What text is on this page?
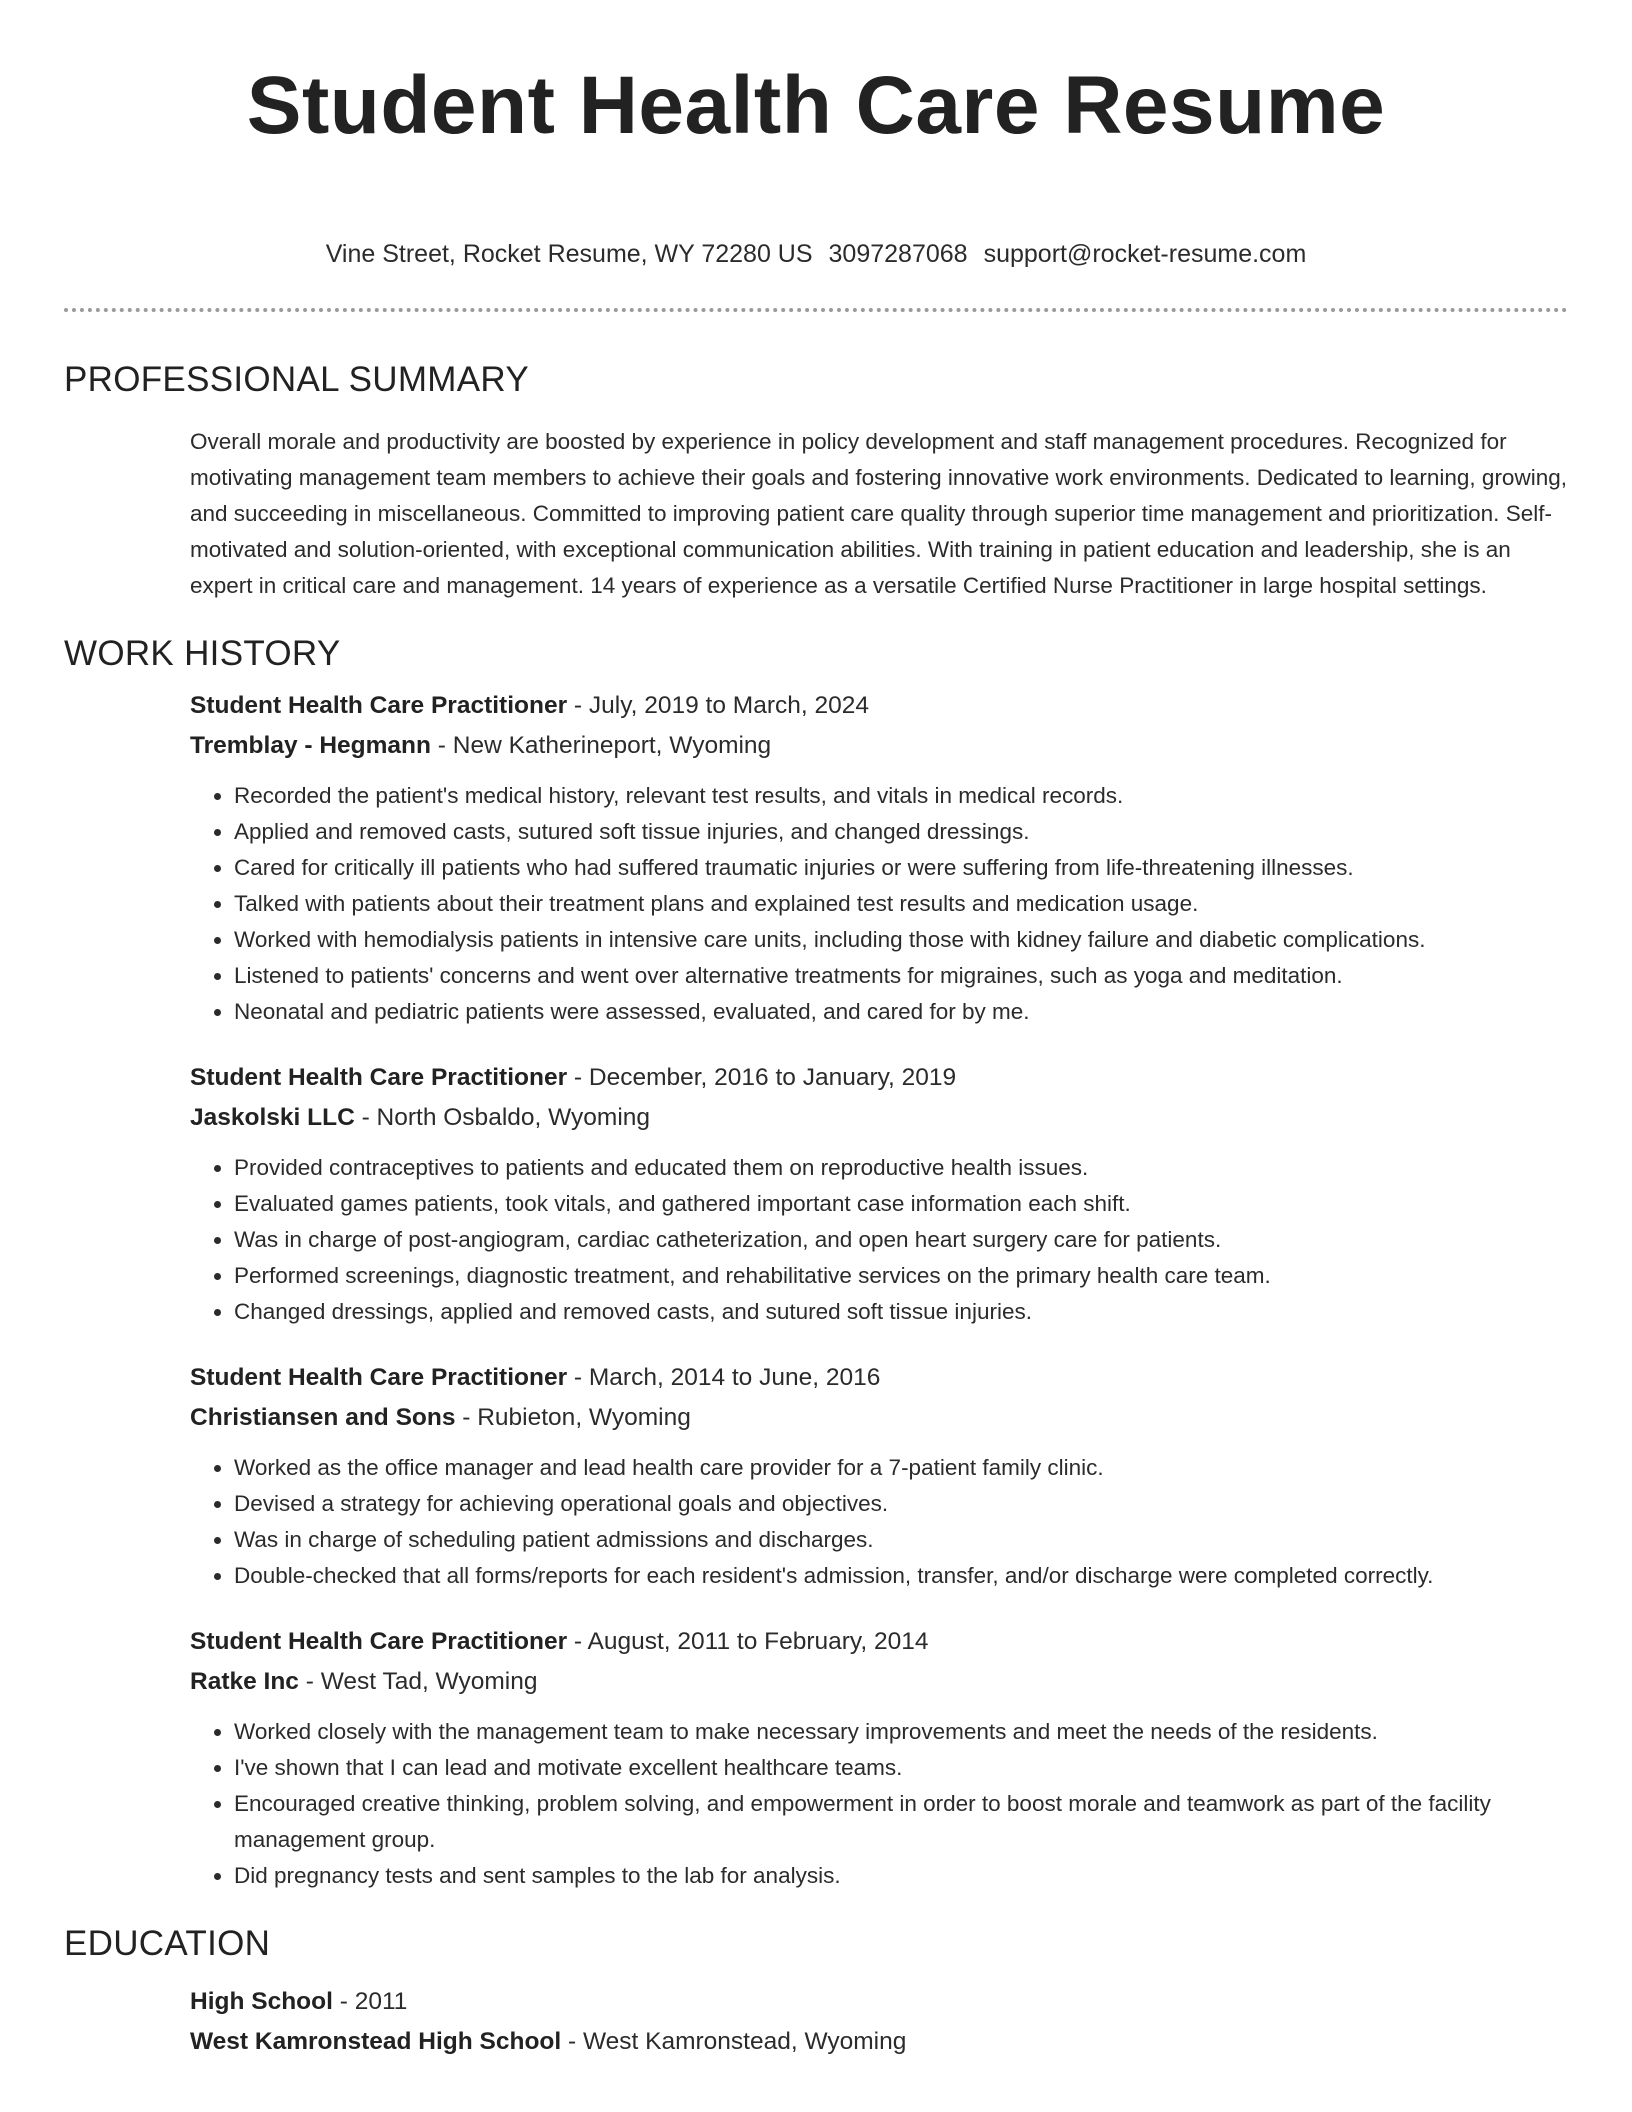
Student Health Care Resume
Vine Street, Rocket Resume, WY 72280 US 3097287068 support@rocket-resume.com
PROFESSIONAL SUMMARY
Overall morale and productivity are boosted by experience in policy development and staff management procedures. Recognized for motivating management team members to achieve their goals and fostering innovative work environments. Dedicated to learning, growing, and succeeding in miscellaneous. Committed to improving patient care quality through superior time management and prioritization. Self-motivated and solution-oriented, with exceptional communication abilities. With training in patient education and leadership, she is an expert in critical care and management. 14 years of experience as a versatile Certified Nurse Practitioner in large hospital settings.
WORK HISTORY
Student Health Care Practitioner - July, 2019 to March, 2024
Tremblay - Hegmann - New Katherineport, Wyoming
• Recorded the patient's medical history, relevant test results, and vitals in medical records.
• Applied and removed casts, sutured soft tissue injuries, and changed dressings.
• Cared for critically ill patients who had suffered traumatic injuries or were suffering from life-threatening illnesses.
• Talked with patients about their treatment plans and explained test results and medication usage.
• Worked with hemodialysis patients in intensive care units, including those with kidney failure and diabetic complications.
• Listened to patients' concerns and went over alternative treatments for migraines, such as yoga and meditation.
• Neonatal and pediatric patients were assessed, evaluated, and cared for by me.
Student Health Care Practitioner - December, 2016 to January, 2019
Jaskolski LLC - North Osbaldo, Wyoming
• Provided contraceptives to patients and educated them on reproductive health issues.
• Evaluated games patients, took vitals, and gathered important case information each shift.
• Was in charge of post-angiogram, cardiac catheterization, and open heart surgery care for patients.
• Performed screenings, diagnostic treatment, and rehabilitative services on the primary health care team.
• Changed dressings, applied and removed casts, and sutured soft tissue injuries.
Student Health Care Practitioner - March, 2014 to June, 2016
Christiansen and Sons - Rubieton, Wyoming
• Worked as the office manager and lead health care provider for a 7-patient family clinic.
• Devised a strategy for achieving operational goals and objectives.
• Was in charge of scheduling patient admissions and discharges.
• Double-checked that all forms/reports for each resident's admission, transfer, and/or discharge were completed correctly.
Student Health Care Practitioner - August, 2011 to February, 2014
Ratke Inc - West Tad, Wyoming
• Worked closely with the management team to make necessary improvements and meet the needs of the residents.
• I've shown that I can lead and motivate excellent healthcare teams.
• Encouraged creative thinking, problem solving, and empowerment in order to boost morale and teamwork as part of the facility management group.
• Did pregnancy tests and sent samples to the lab for analysis.
EDUCATION
High School - 2011
West Kamronstead High School - West Kamronstead, Wyoming
